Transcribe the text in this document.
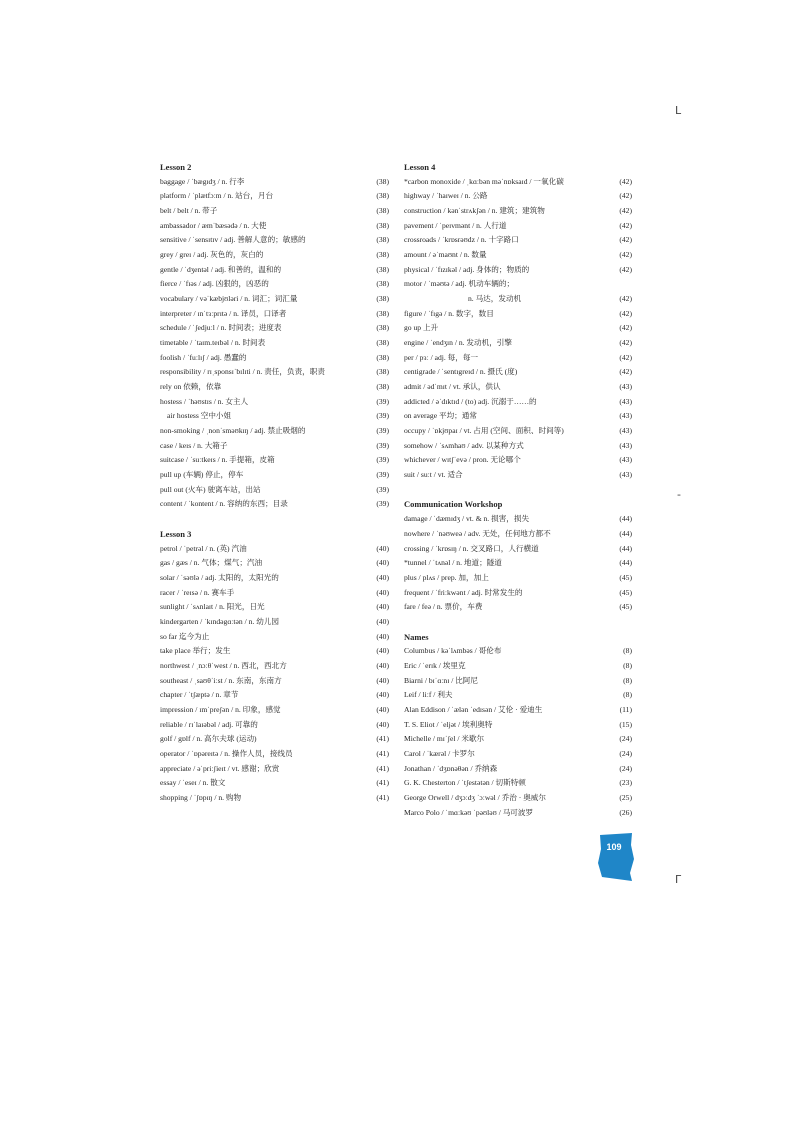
L
-
Γ
Lesson 2
baggage / ˈbægɪdʒ / n. 行李	(38)
platform / ˈplætfɔːm / n. 站台，月台	(38)
belt / belt / n. 带子	(38)
ambassador / æmˈbæsədə / n. 大使	(38)
sensitive / ˈsensɪtɪv / adj. 善解人意的；敏感的	(38)
grey / greɪ / adj. 灰色的，灰白的	(38)
gentle / ˈdʒentəl / adj. 和善的，温和的	(38)
fierce / ˈfɪəs / adj. 凶狠的，凶恶的	(38)
vocabulary / vəˈkæbjʊləri / n. 词汇；词汇量	(38)
interpreter / ɪnˈtɜːprɪtə / n. 译员，口译者	(38)
schedule / ˈʃedjuːl / n. 时间表；进度表	(38)
timetable / ˈtaɪm.teɪbəl / n. 时间表	(38)
foolish / ˈfuːlɪʃ / adj. 愚蠢的	(38)
responsibility / rɪˌsponsɪˈbɪlɪti / n. 责任，负责，职责	(38)
rely on 依赖，依靠	(38)
hostess / ˈhəʊstɪs / n. 女主人	(39)
air hostess 空中小姐	(39)
non-smoking / ˌnonˈsməʊkɪŋ / adj. 禁止吸烟的	(39)
case / keɪs / n. 大箱子	(39)
suitcase / ˈsuːtkeɪs / n. 手提箱，皮箱	(39)
pull up (车辆) 停止，停车	(39)
pull out (火车) 驶离车站，出站	(39)
content / ˈkontent / n. 容纳的东西；目录	(39)
Lesson 3
petrol / ˈpetrəl / n. (英) 汽油	(40)
gas / gæs / n. 气体；煤气；汽油	(40)
solar / ˈsəʊlə / adj. 太阳的，太阳光的	(40)
racer / ˈreɪsə / n. 赛车手	(40)
sunlight / ˈsʌnlaɪt / n. 阳光，日光	(40)
kindergarten / ˈkɪndəgɑːtən / n. 幼儿园	(40)
so far 迄今为止	(40)
take place 举行；发生	(40)
northwest / ˌnɔːθˈwest / n. 西北，西北方	(40)
southeast / ˌsaʊθˈiːst / n. 东南，东南方	(40)
chapter / ˈtʃæptə / n. 章节	(40)
impression / ɪmˈpreʃən / n. 印象，感觉	(40)
reliable / rɪˈlaɪəbəl / adj. 可靠的	(40)
golf / gɒlf / n. 高尔夫球 (运动)	(41)
operator / ˈɒpəreɪtə / n. 操作人员，接线员	(41)
appreciate / əˈpriːʃieɪt / vt. 感谢；欣赏	(41)
essay / ˈeseɪ / n. 散文	(41)
shopping / ˈʃɒpɪŋ / n. 购物	(41)
Lesson 4
*carbon monoxide / ˌkɑːbən məˈnɒksaɪd / 一氧化碳	(42)
highway / ˈhaɪweɪ / n. 公路	(42)
construction / kənˈstrʌkʃən / n. 建筑；建筑物	(42)
pavement / ˈpeɪvmənt / n. 人行道	(42)
crossroads / ˈkrɒsrəʊdz / n. 十字路口	(42)
amount / əˈmaʊnt / n. 数量	(42)
physical / ˈfɪzɪkəl / adj. 身体的；物质的	(42)
motor / ˈməʊtə / adj. 机动车辆的；
n. 马达，发动机	(42)
figure / ˈfɪgə / n. 数字，数目	(42)
go up 上升	(42)
engine / ˈendʒɪn / n. 发动机，引擎	(42)
per / pɜː / adj. 每，每一	(42)
centigrade / ˈsentɪgreɪd / n. 摄氏 (度)	(42)
admit / ədˈmɪt / vt. 承认，供认	(43)
addicted / əˈdɪktɪd / (to) adj. 沉溺于……的	(43)
on average 平均；通常	(43)
occupy / ˈɒkjʊpaɪ / vt. 占用 (空间、面积、时间等)	(43)
somehow / ˈsʌmhaʊ / adv. 以某种方式	(43)
whichever / wɪtʃˈevə / pron. 无论哪个	(43)
suit / suːt / vt. 适合	(43)
Communication Workshop
damage / ˈdæmɪdʒ / vt. & n. 损害，损失	(44)
nowhere / ˈnəʊweə / adv. 无处，任何地方都不	(44)
crossing / ˈkrɒsɪŋ / n. 交叉路口，人行横道	(44)
*tunnel / ˈtʌnəl / n. 地道；隧道	(44)
plus / plʌs / prep. 加，加上	(45)
frequent / ˈfriːkwənt / adj. 时常发生的	(45)
fare / feə / n. 票价，车费	(45)
Names
Columbus / kəˈlʌmbəs / 哥伦布	(8)
Eric / ˈerɪk / 埃里克	(8)
Biarni / bɪˈɑːnɪ / 比阿尼	(8)
Leif / liːf / 利夫	(8)
Alan Eddison / ˈælən ˈedɪsən / 艾伦 · 爱迪生	(11)
T. S. Eliot / ˈeljət / 埃利奥特	(15)
Michelle / mɪˈʃel / 米歇尔	(24)
Carol / ˈkærəl / 卡罗尔	(24)
Jonathan / ˈdʒɒnəθən / 乔纳森	(24)
G. K. Chesterton / ˈtʃestətən / 切斯特顿	(23)
George Orwell / dʒɔːdʒ ˈɔːwəl / 乔治 · 奥威尔	(25)
Marco Polo / ˈmɑːkəʊ ˈpəʊləʊ / 马可波罗	(26)
109
